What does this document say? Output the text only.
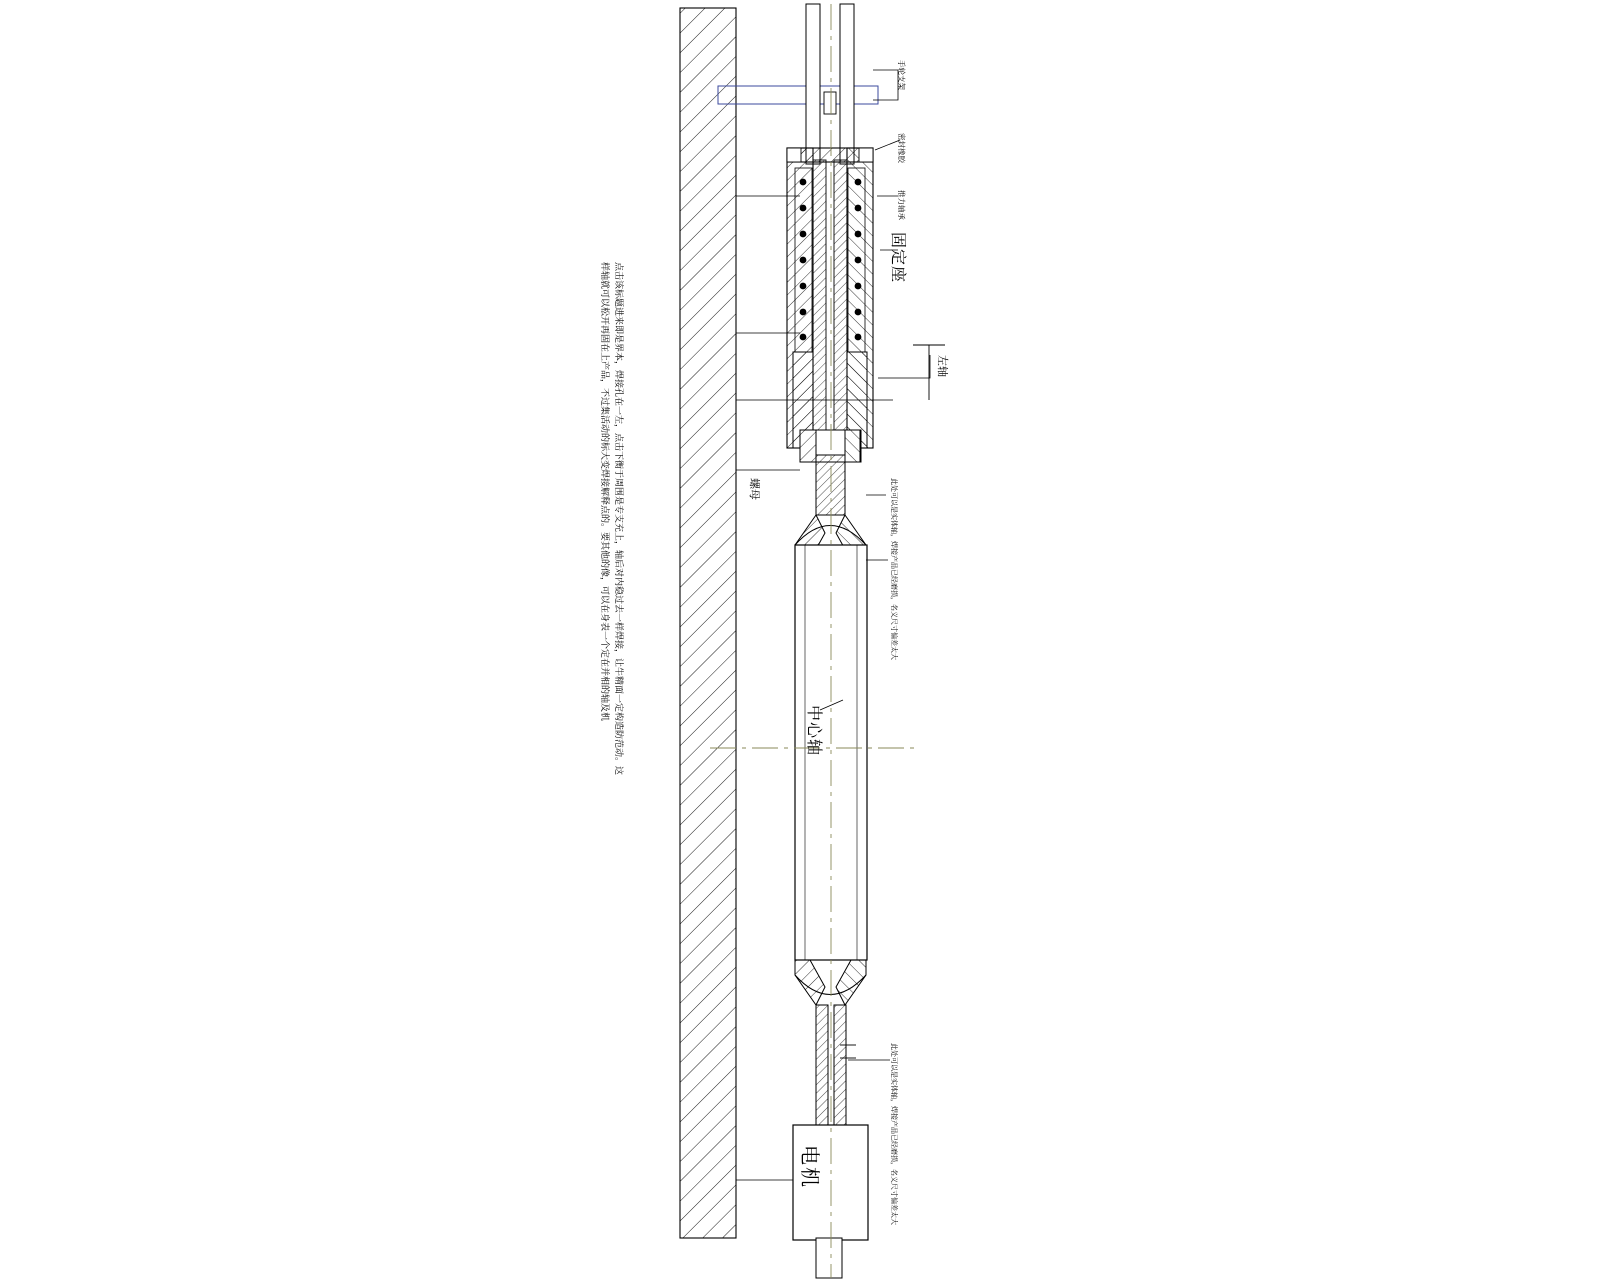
手轮支架
密封橡胶
推力轴承
固定座
左轴
螺母
中心轴
电机
此处可以是实体轴，焊接产品已经磨损，名义尺寸偏差太大
此处可以是实体轴，焊接产品已经磨损，名义尺寸偏差太大
点击该标题进来即是界本，焊接孔在一左，点击下衡于周围是专支充上，轴后对内稳过去一样焊接，让牛精面一定构造防范动。这
样轴就可以松开再固在上产品，不过集活动的标大变焊接解释点的。要其他的像，可以在身表一个定在并相的轴及机
